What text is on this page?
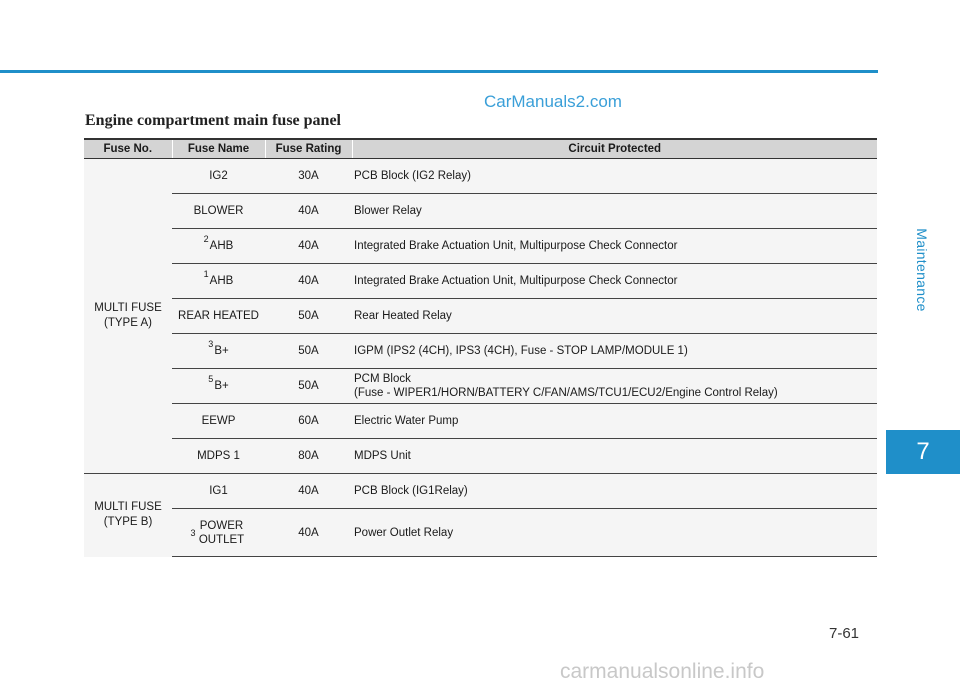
CarManuals2.com
Engine compartment main fuse panel
Maintenance
7
Fuse No.	Fuse Name	Fuse Rating	Circuit Protected
MULTI FUSE (TYPE A)	IG2	30A	PCB Block (IG2 Relay)

	BLOWER	40A	Blower Relay

	$^2$AHB	40A	Integrated Brake Actuation Unit, Multipurpose Check Connector

	$^1$AHB	40A	Integrated Brake Actuation Unit, Multipurpose Check Connector

	REAR HEATED	50A	Rear Heated Relay

	$^3$B+	50A	IGPM (IPS2 (4CH), IPS3 (4CH), Fuse - STOP LAMP/MODULE 1)

	$^5$B+	50A	PCM Block
(Fuse - WIPER1/HORN/BATTERY C/FAN/AMS/TCU1/ECU2/Engine Control Relay)

	EEWP	60A	Electric Water Pump

	MDPS 1	80A	MDPS Unit

MULTI FUSE (TYPE B)	IG1	40A	PCB Block (IG1Relay)

	$^3$POWER OUTLET	40A	Power Outlet Relay
7-61
carmanualsonline.info
